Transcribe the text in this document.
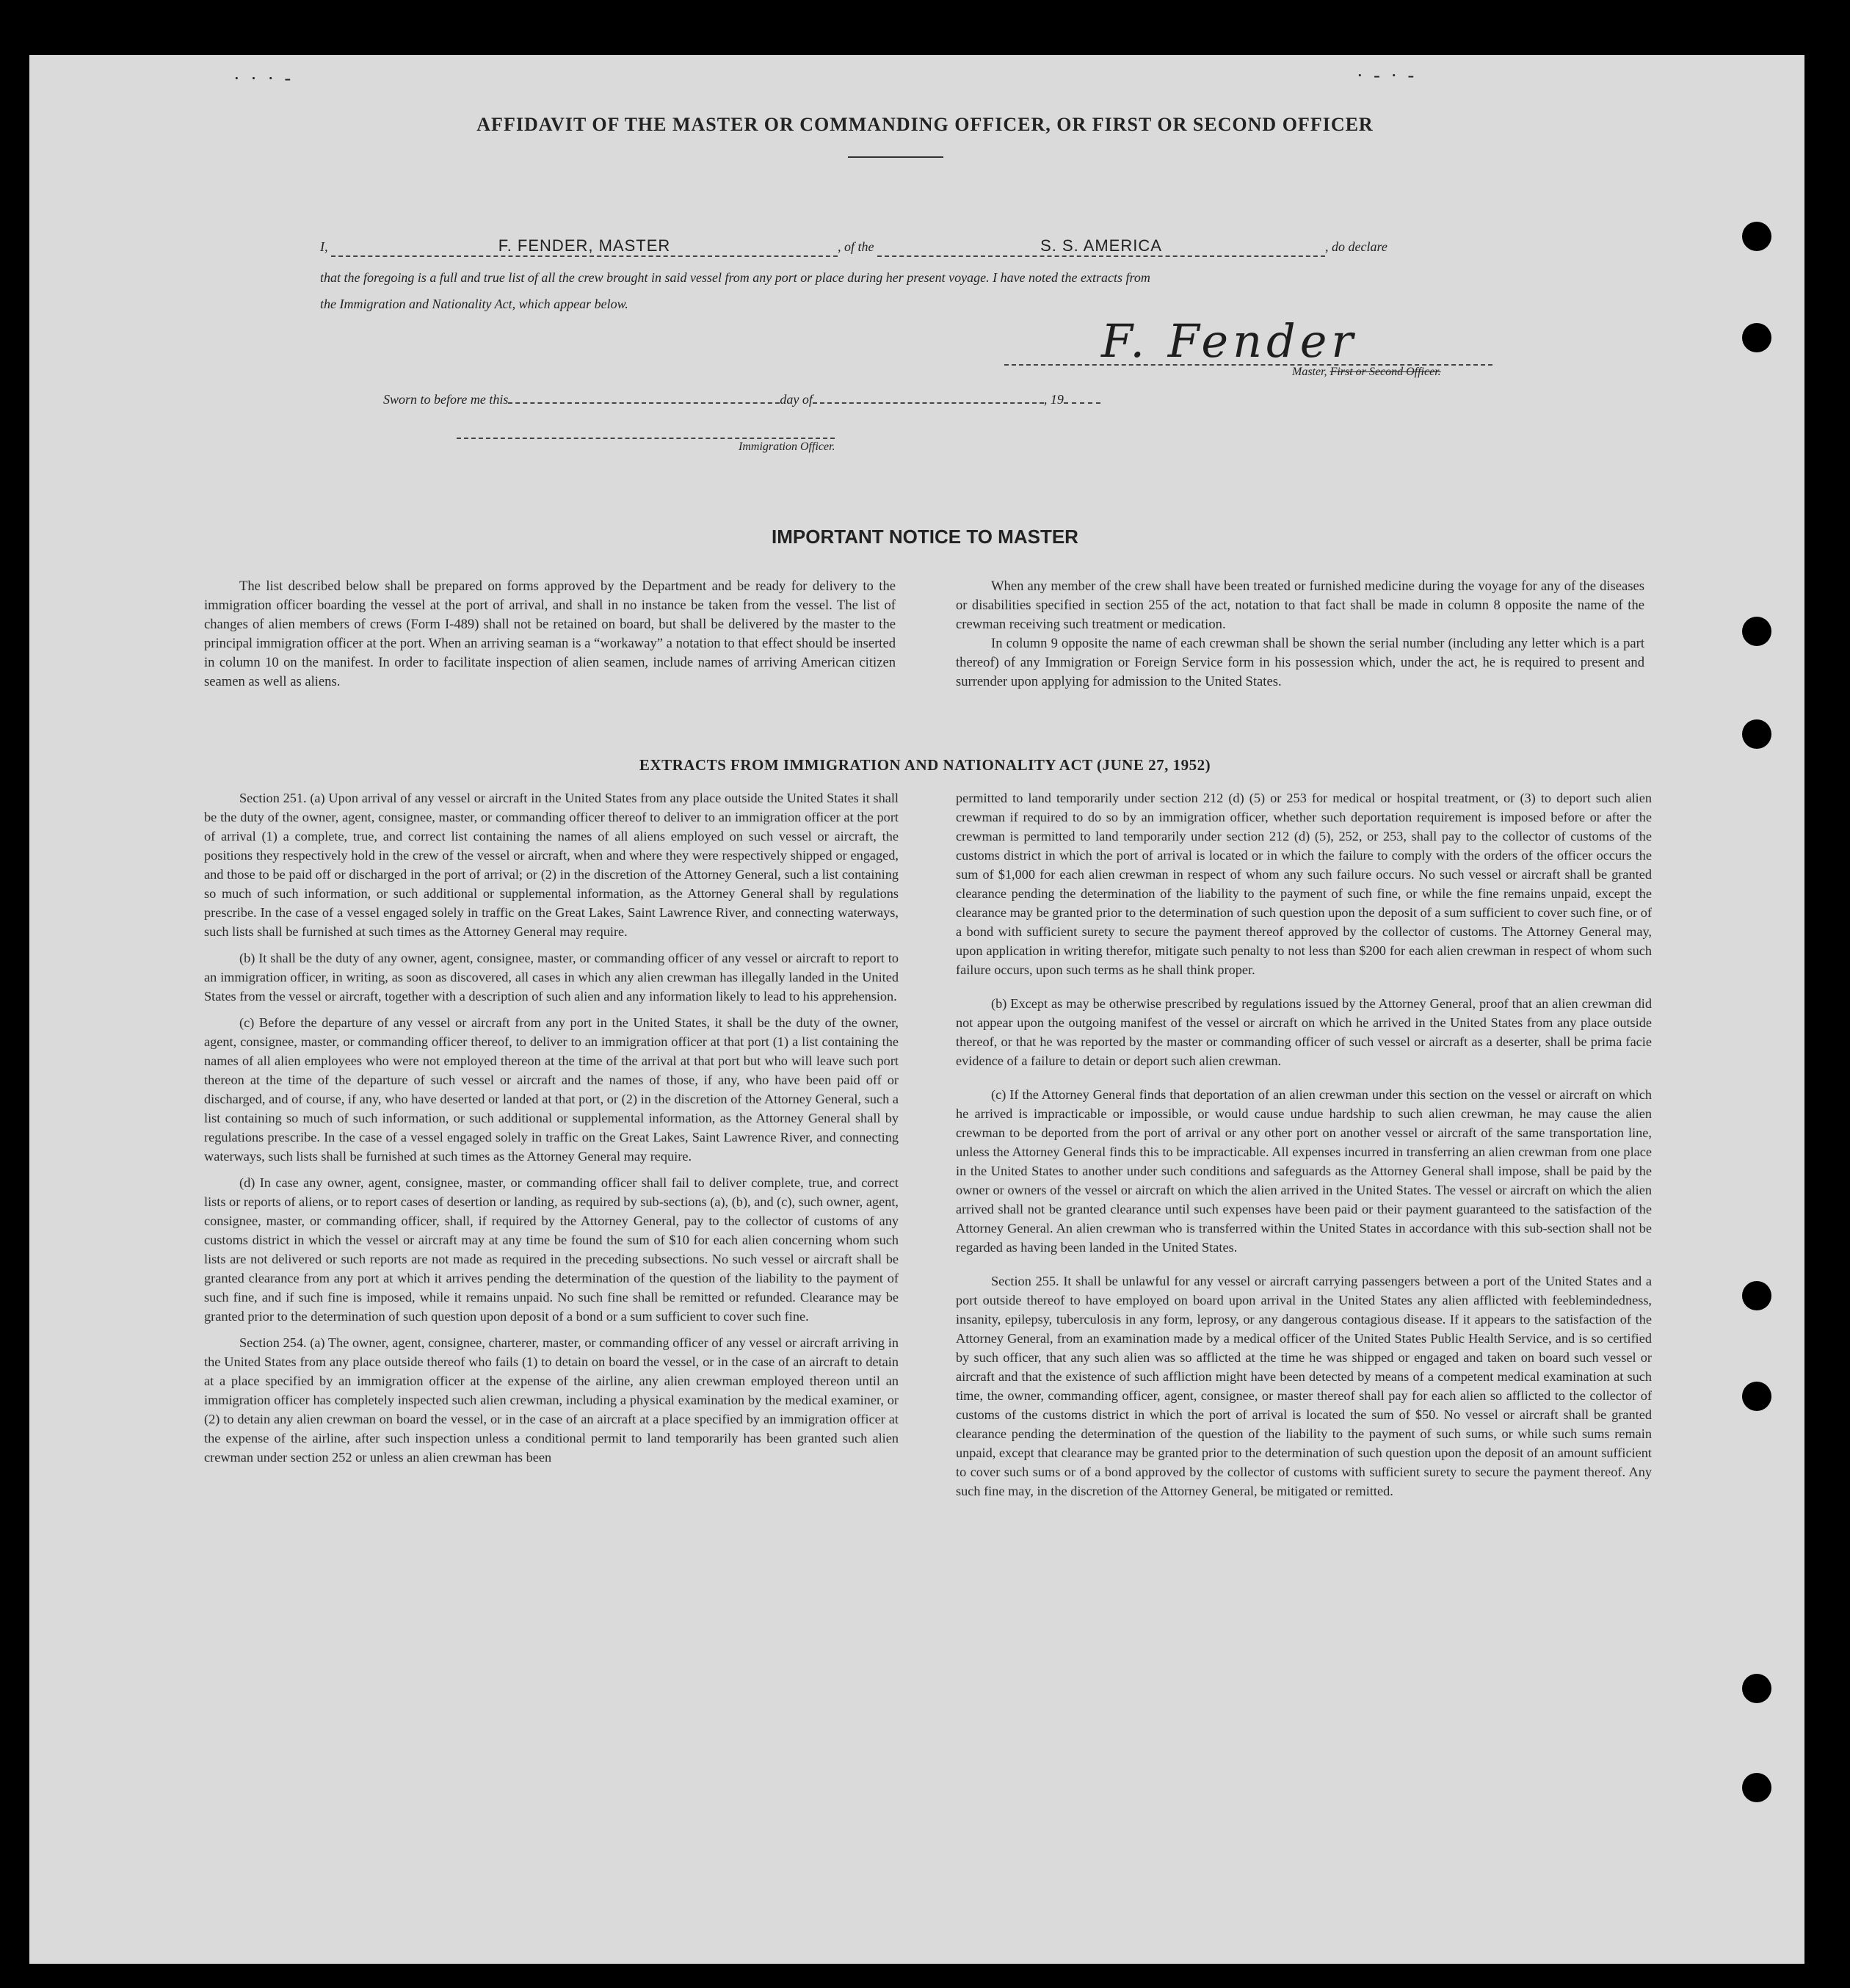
· · · -	· - · -
AFFIDAVIT OF THE MASTER OR COMMANDING OFFICER, OR FIRST OR SECOND OFFICER
I,	F. FENDER, MASTER	, of the	S. S. AMERICA	, do declare
that the foregoing is a full and true list of all the crew brought in said vessel from any port or place during her present voyage. I have noted the extracts from
the Immigration and Nationality Act, which appear below.
F. Fender
Master, First or Second Officer.
Sworn to before me this	day of	, 19
Immigration Officer.
IMPORTANT NOTICE TO MASTER

The list described below shall be prepared on forms approved by the Department and be ready for delivery to the immigration officer boarding the vessel at the port of arrival, and shall in no instance be taken from the vessel. The list of changes of alien members of crews (Form I-489) shall not be retained on board, but shall be delivered by the master to the principal immigration officer at the port. When an arriving seaman is a “workaway” a notation to that effect should be inserted in column 10 on the manifest. In order to facilitate inspection of alien seamen, include names of arriving American citizen seamen as well as aliens.

When any member of the crew shall have been treated or furnished medicine during the voyage for any of the diseases or disabilities specified in section 255 of the act, notation to that fact shall be made in column 8 opposite the name of the crewman receiving such treatment or medication.

In column 9 opposite the name of each crewman shall be shown the serial number (including any letter which is a part thereof) of any Immigration or Foreign Service form in his possession which, under the act, he is required to present and surrender upon applying for admission to the United States.

EXTRACTS FROM IMMIGRATION AND NATIONALITY ACT (JUNE 27, 1952)

Section 251. (a) Upon arrival of any vessel or aircraft in the United States from any place outside the United States it shall be the duty of the owner, agent, consignee, master, or commanding officer thereof to deliver to an immigration officer at the port of arrival (1) a complete, true, and correct list containing the names of all aliens employed on such vessel or aircraft, the positions they respectively hold in the crew of the vessel or aircraft, when and where they were respectively shipped or engaged, and those to be paid off or discharged in the port of arrival; or (2) in the discretion of the Attorney General, such a list containing so much of such information, or such additional or supplemental information, as the Attorney General shall by regulations prescribe. In the case of a vessel engaged solely in traffic on the Great Lakes, Saint Lawrence River, and connecting waterways, such lists shall be furnished at such times as the Attorney General may require.

(b) It shall be the duty of any owner, agent, consignee, master, or commanding officer of any vessel or aircraft to report to an immigration officer, in writing, as soon as discovered, all cases in which any alien crewman has illegally landed in the United States from the vessel or aircraft, together with a description of such alien and any information likely to lead to his apprehension.

(c) Before the departure of any vessel or aircraft from any port in the United States, it shall be the duty of the owner, agent, consignee, master, or commanding officer thereof, to deliver to an immigration officer at that port (1) a list containing the names of all alien employees who were not employed thereon at the time of the arrival at that port but who will leave such port thereon at the time of the departure of such vessel or aircraft and the names of those, if any, who have been paid off or discharged, and of course, if any, who have deserted or landed at that port, or (2) in the discretion of the Attorney General, such a list containing so much of such information, or such additional or supplemental information, as the Attorney General shall by regulations prescribe. In the case of a vessel engaged solely in traffic on the Great Lakes, Saint Lawrence River, and connecting waterways, such lists shall be furnished at such times as the Attorney General may require.

(d) In case any owner, agent, consignee, master, or commanding officer shall fail to deliver complete, true, and correct lists or reports of aliens, or to report cases of desertion or landing, as required by sub-sections (a), (b), and (c), such owner, agent, consignee, master, or commanding officer, shall, if required by the Attorney General, pay to the collector of customs of any customs district in which the vessel or aircraft may at any time be found the sum of $10 for each alien concerning whom such lists are not delivered or such reports are not made as required in the preceding subsections. No such vessel or aircraft shall be granted clearance from any port at which it arrives pending the determination of the question of the liability to the payment of such fine, and if such fine is imposed, while it remains unpaid. No such fine shall be remitted or refunded. Clearance may be granted prior to the determination of such question upon deposit of a bond or a sum sufficient to cover such fine.

Section 254. (a) The owner, agent, consignee, charterer, master, or commanding officer of any vessel or aircraft arriving in the United States from any place outside thereof who fails (1) to detain on board the vessel, or in the case of an aircraft to detain at a place specified by an immigration officer at the expense of the airline, any alien crewman employed thereon until an immigration officer has completely inspected such alien crewman, including a physical examination by the medical examiner, or (2) to detain any alien crewman on board the vessel, or in the case of an aircraft at a place specified by an immigration officer at the expense of the airline, after such inspection unless a conditional permit to land temporarily has been granted such alien crewman under section 252 or unless an alien crewman has been

permitted to land temporarily under section 212 (d) (5) or 253 for medical or hospital treatment, or (3) to deport such alien crewman if required to do so by an immigration officer, whether such deportation requirement is imposed before or after the crewman is permitted to land temporarily under section 212 (d) (5), 252, or 253, shall pay to the collector of customs of the customs district in which the port of arrival is located or in which the failure to comply with the orders of the officer occurs the sum of $1,000 for each alien crewman in respect of whom any such failure occurs. No such vessel or aircraft shall be granted clearance pending the determination of the liability to the payment of such fine, or while the fine remains unpaid, except the clearance may be granted prior to the determination of such question upon the deposit of a sum sufficient to cover such fine, or of a bond with sufficient surety to secure the payment thereof approved by the collector of customs. The Attorney General may, upon application in writing therefor, mitigate such penalty to not less than $200 for each alien crewman in respect of whom such failure occurs, upon such terms as he shall think proper.

(b) Except as may be otherwise prescribed by regulations issued by the Attorney General, proof that an alien crewman did not appear upon the outgoing manifest of the vessel or aircraft on which he arrived in the United States from any place outside thereof, or that he was reported by the master or commanding officer of such vessel or aircraft as a deserter, shall be prima facie evidence of a failure to detain or deport such alien crewman.

(c) If the Attorney General finds that deportation of an alien crewman under this section on the vessel or aircraft on which he arrived is impracticable or impossible, or would cause undue hardship to such alien crewman, he may cause the alien crewman to be deported from the port of arrival or any other port on another vessel or aircraft of the same transportation line, unless the Attorney General finds this to be impracticable. All expenses incurred in transferring an alien crewman from one place in the United States to another under such conditions and safeguards as the Attorney General shall impose, shall be paid by the owner or owners of the vessel or aircraft on which the alien arrived in the United States. The vessel or aircraft on which the alien arrived shall not be granted clearance until such expenses have been paid or their payment guaranteed to the satisfaction of the Attorney General. An alien crewman who is transferred within the United States in accordance with this sub-section shall not be regarded as having been landed in the United States.

Section 255. It shall be unlawful for any vessel or aircraft carrying passengers between a port of the United States and a port outside thereof to have employed on board upon arrival in the United States any alien afflicted with feeblemindedness, insanity, epilepsy, tuberculosis in any form, leprosy, or any dangerous contagious disease. If it appears to the satisfaction of the Attorney General, from an examination made by a medical officer of the United States Public Health Service, and is so certified by such officer, that any such alien was so afflicted at the time he was shipped or engaged and taken on board such vessel or aircraft and that the existence of such affliction might have been detected by means of a competent medical examination at such time, the owner, commanding officer, agent, consignee, or master thereof shall pay for each alien so afflicted to the collector of customs of the customs district in which the port of arrival is located the sum of $50. No vessel or aircraft shall be granted clearance pending the determination of the question of the liability to the payment of such sums, or while such sums remain unpaid, except that clearance may be granted prior to the determination of such question upon the deposit of an amount sufficient to cover such sums or of a bond approved by the collector of customs with sufficient surety to secure the payment thereof. Any such fine may, in the discretion of the Attorney General, be mitigated or remitted.
